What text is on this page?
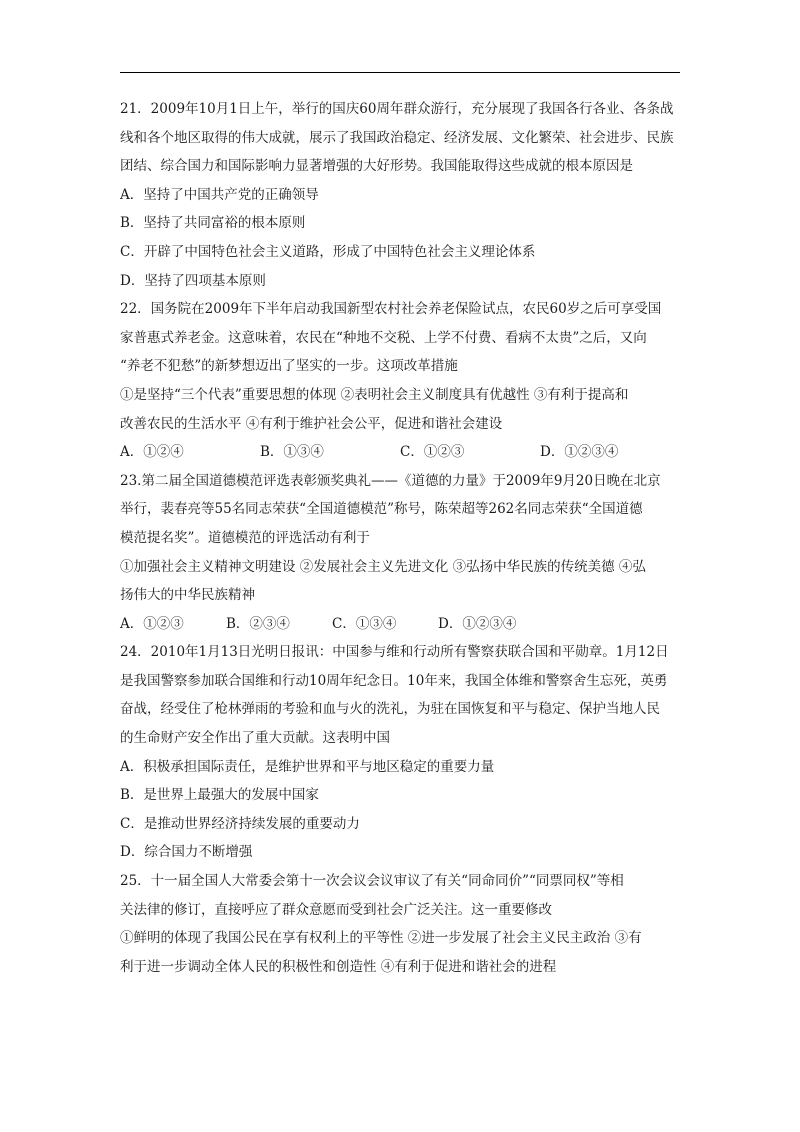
21．2009年10月1日上午，举行的国庆60周年群众游行，充分展现了我国各行各业、各条战
线和各个地区取得的伟大成就，展示了我国政治稳定、经济发展、文化繁荣、社会进步、民族
团结、综合国力和国际影响力显著增强的大好形势。我国能取得这些成就的根本原因是
A．坚持了中国共产党的正确领导
B．坚持了共同富裕的根本原则
C．开辟了中国特色社会主义道路，形成了中国特色社会主义理论体系
D．坚持了四项基本原则
22．国务院在2009年下半年启动我国新型农村社会养老保险试点，农民60岁之后可享受国
家普惠式养老金。这意味着，农民在“种地不交税、上学不付费、看病不太贵”之后，又向
“养老不犯愁”的新梦想迈出了坚实的一步。这项改革措施
①是坚持“三个代表”重要思想的体现 ②表明社会主义制度具有优越性 ③有利于提高和
改善农民的生活水平 ④有利于维护社会公平，促进和谐社会建设
A．①②④	B．①③④	C．①②③	D．①②③④
23.第二届全国道德模范评选表彰颁奖典礼——《道德的力量》于2009年9月20日晚在北京
举行，裴春亮等55名同志荣获“全国道德模范”称号，陈荣超等262名同志荣获“全国道德
模范提名奖”。道德模范的评选活动有利于
①加强社会主义精神文明建设 ②发展社会主义先进文化 ③弘扬中华民族的传统美德 ④弘
扬伟大的中华民族精神
A．①②③	B．②③④	C．①③④	D．①②③④
24．2010年1月13日光明日报讯：中国参与维和行动所有警察获联合国和平勋章。1月12日
是我国警察参加联合国维和行动10周年纪念日。10年来，我国全体维和警察舍生忘死，英勇
奋战，经受住了枪林弹雨的考验和血与火的洗礼，为驻在国恢复和平与稳定、保护当地人民
的生命财产安全作出了重大贡献。这表明中国
A．积极承担国际责任，是维护世界和平与地区稳定的重要力量
B．是世界上最强大的发展中国家
C．是推动世界经济持续发展的重要动力
D．综合国力不断增强
25．十一届全国人大常委会第十一次会议会议审议了有关“同命同价”“同票同权”等相
关法律的修订，直接呼应了群众意愿而受到社会广泛关注。这一重要修改
①鲜明的体现了我国公民在享有权利上的平等性 ②进一步发展了社会主义民主政治 ③有
利于进一步调动全体人民的积极性和创造性 ④有利于促进和谐社会的进程
